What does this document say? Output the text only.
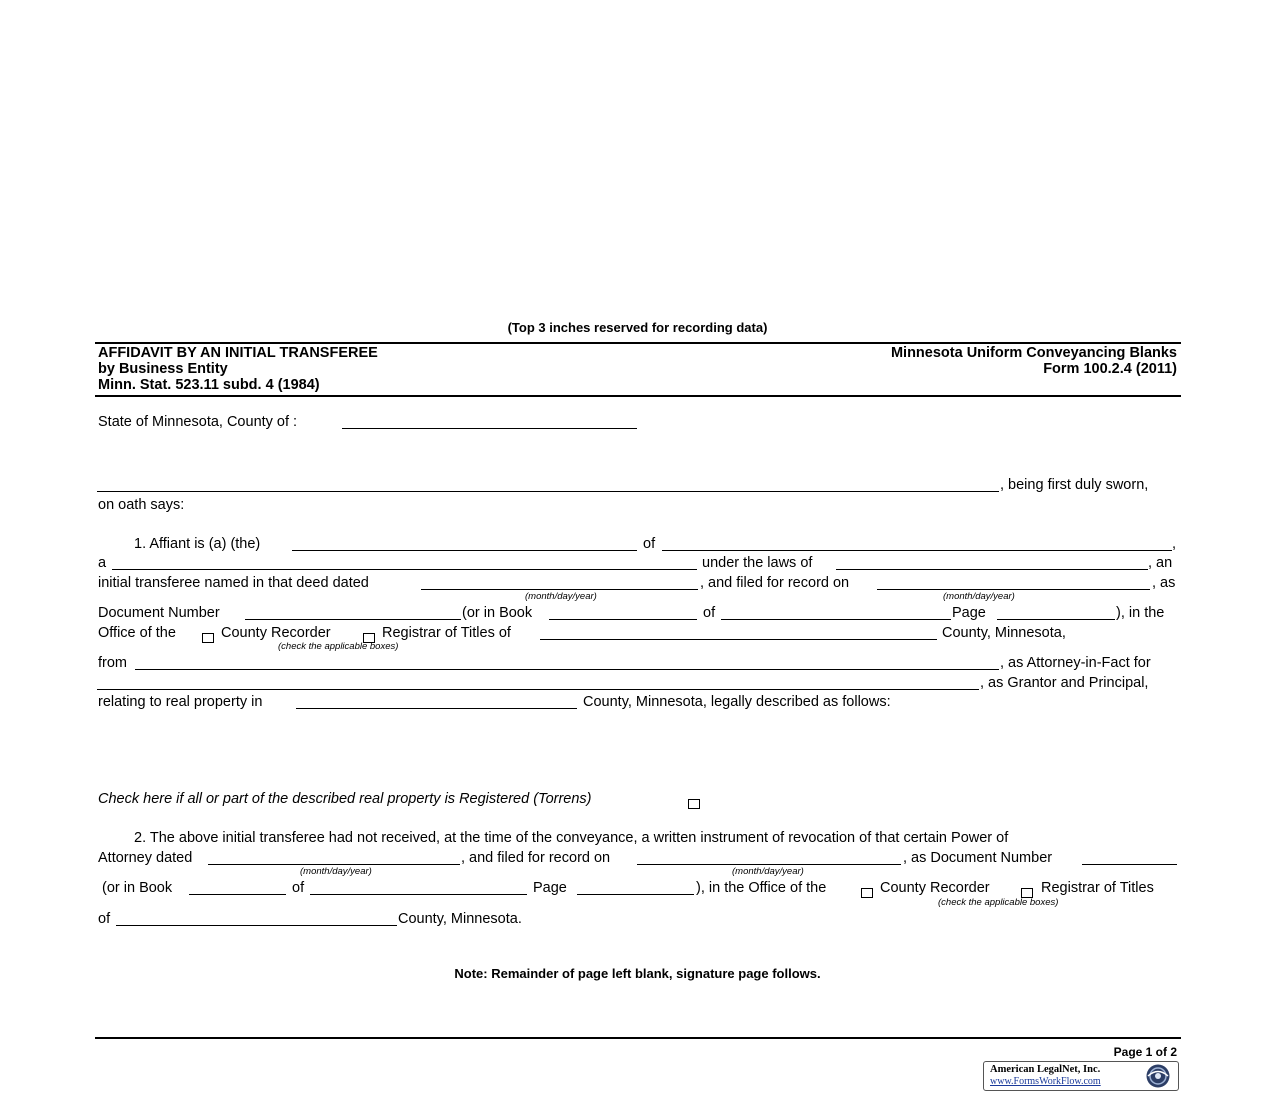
(Top 3 inches reserved for recording data)
AFFIDAVIT BY AN INITIAL TRANSFEREE
by Business Entity
Minn. Stat. 523.11 subd. 4 (1984)
Minnesota Uniform Conveyancing Blanks
Form 100.2.4 (2011)
State of Minnesota, County of :
, being first duly sworn,
on oath says:
1. Affiant is (a) (the)	of	,
a	under the laws of	, an
initial transferee named in that deed dated	, and filed for record on	, as
(month/day/year)	(month/day/year)
Document Number	(or in Book	of	Page	), in the
Office of the	County Recorder	Registrar of Titles of	County, Minnesota,
(check the applicable boxes)
from	, as Attorney-in-Fact for
, as Grantor and Principal,
relating to real property in	County, Minnesota, legally described as follows:
Check here if all or part of the described real property is Registered (Torrens)
2. The above initial transferee had not received, at the time of the conveyance, a written instrument of revocation of that certain Power of
Attorney dated	, and filed for record on	, as Document Number
(month/day/year)	(month/day/year)
(or in Book	of	Page	), in the Office of the	County Recorder	Registrar of Titles
(check the applicable boxes)
of	County, Minnesota.
Note: Remainder of page left blank, signature page follows.
Page 1 of 2
American LegalNet, Inc.
www.FormsWorkFlow.com
